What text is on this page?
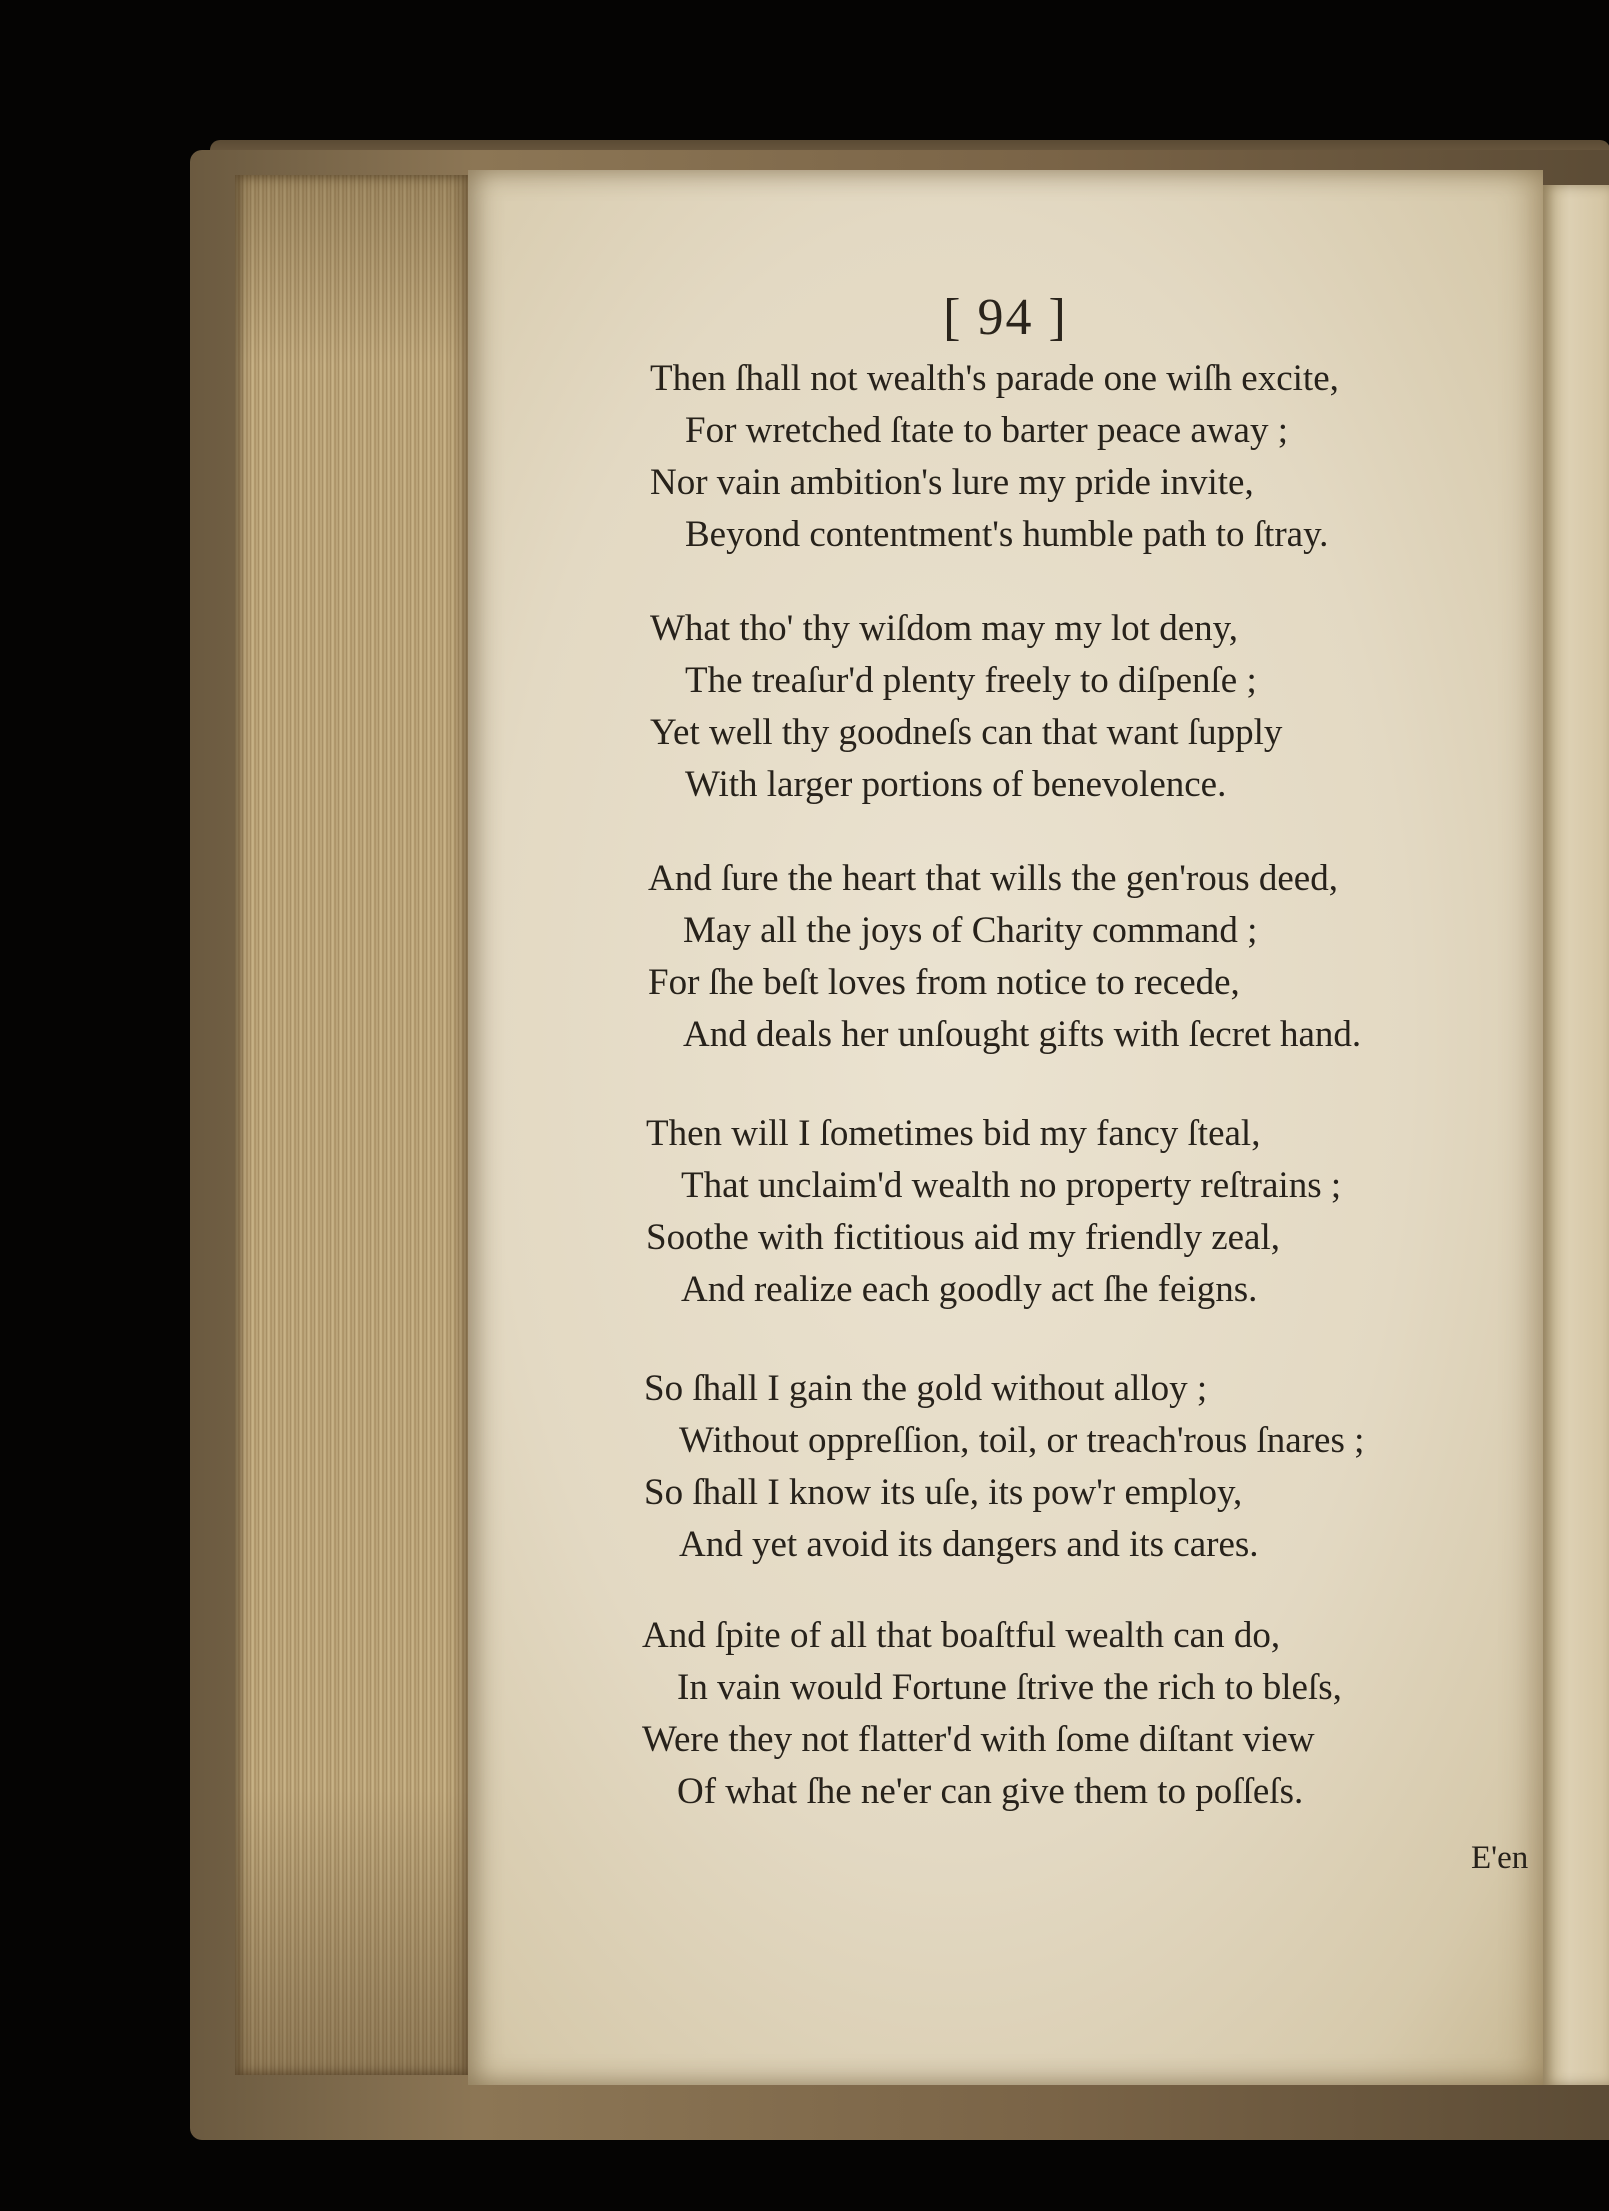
[ 94 ]
Then ſhall not wealth's parade one wiſh excite,
For wretched ſtate to barter peace away ;
Nor vain ambition's lure my pride invite,
Beyond contentment's humble path to ſtray.
What tho' thy wiſdom may my lot deny,
The treaſur'd plenty freely to diſpenſe ;
Yet well thy goodneſs can that want ſupply
With larger portions of benevolence.
And ſure the heart that wills the gen'rous deed,
May all the joys of Charity command ;
For ſhe beſt loves from notice to recede,
And deals her unſought gifts with ſecret hand.
Then will I ſometimes bid my fancy ſteal,
That unclaim'd wealth no property reſtrains ;
Soothe with fictitious aid my friendly zeal,
And realize each goodly act ſhe feigns.
So ſhall I gain the gold without alloy ;
Without oppreſſion, toil, or treach'rous ſnares ;
So ſhall I know its uſe, its pow'r employ,
And yet avoid its dangers and its cares.
And ſpite of all that boaſtful wealth can do,
In vain would Fortune ſtrive the rich to bleſs,
Were they not flatter'd with ſome diſtant view
Of what ſhe ne'er can give them to poſſeſs.
E'en
